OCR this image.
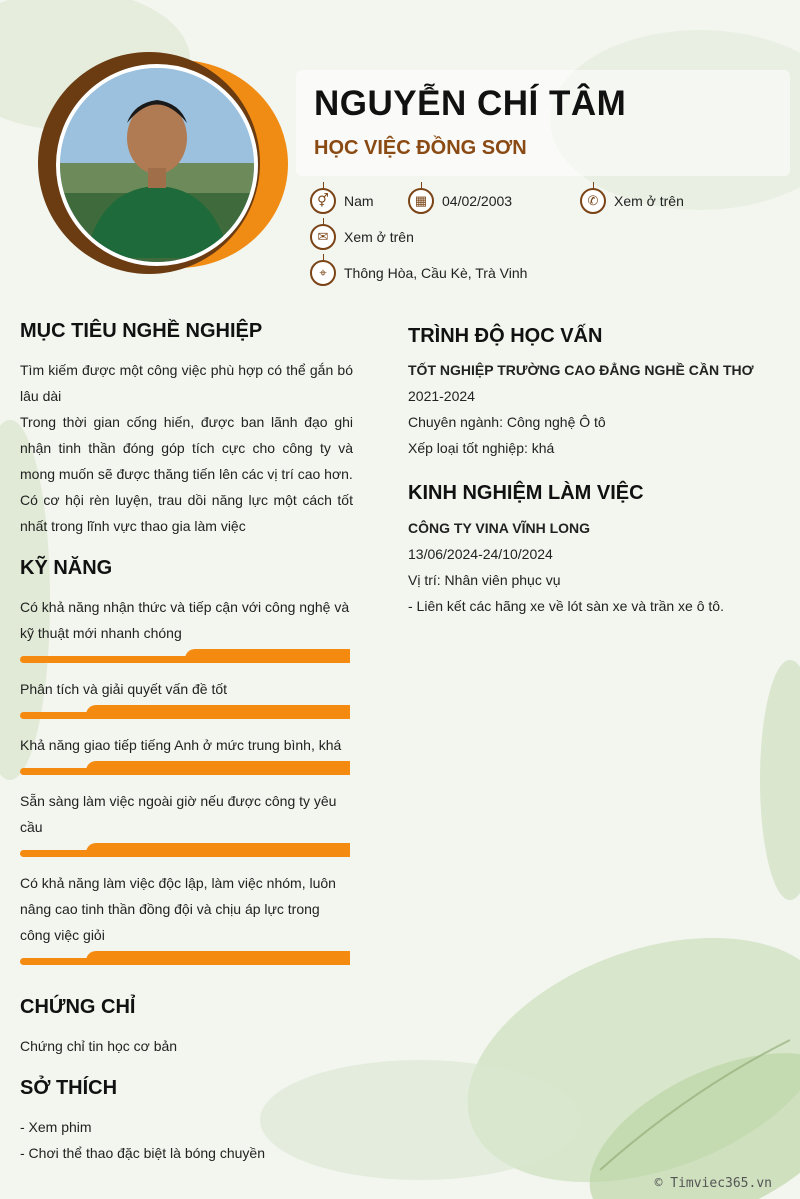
NGUYỄN CHÍ TÂM
HỌC VIỆC ĐỒNG SƠN
⚥	Nam	▦	04/02/2003	✆	Xem ở trên
✉	Xem ở trên
⌖	Thông Hòa, Cầu Kè, Trà Vinh
MỤC TIÊU NGHỀ NGHIỆP
Tìm kiếm được một công việc phù hợp có thể gắn bó lâu dài
Trong thời gian cống hiến, được ban lãnh đạo ghi nhận tinh thần đóng góp tích cực cho công ty và mong muốn sẽ được thăng tiến lên các vị trí cao hơn.
Có cơ hội rèn luyện, trau dồi năng lực một cách tốt nhất trong lĩnh vực thao gia làm việc
KỸ NĂNG
Có khả năng nhận thức và tiếp cận với công nghệ và kỹ thuật mới nhanh chóng
Phân tích và giải quyết vấn đề tốt
Khả năng giao tiếp tiếng Anh ở mức trung bình, khá
Sẵn sàng làm việc ngoài giờ nếu được công ty yêu cầu
Có khả năng làm việc độc lập, làm việc nhóm, luôn nâng cao tinh thần đồng đội và chịu áp lực trong công việc giỏi
CHỨNG CHỈ
Chứng chỉ tin học cơ bản
SỞ THÍCH
- Xem phim
- Chơi thể thao đặc biệt là bóng chuyền
TRÌNH ĐỘ HỌC VẤN
TỐT NGHIỆP TRƯỜNG CAO ĐẲNG NGHỀ CẦN THƠ
2021-2024
Chuyên ngành: Công nghệ Ô tô
Xếp loại tốt nghiệp: khá
KINH NGHIỆM LÀM VIỆC
CÔNG TY VINA VĨNH LONG
13/06/2024-24/10/2024
Vị trí: Nhân viên phục vụ
- Liên kết các hãng xe về lót sàn xe và trần xe ô tô.
© Timviec365.vn
